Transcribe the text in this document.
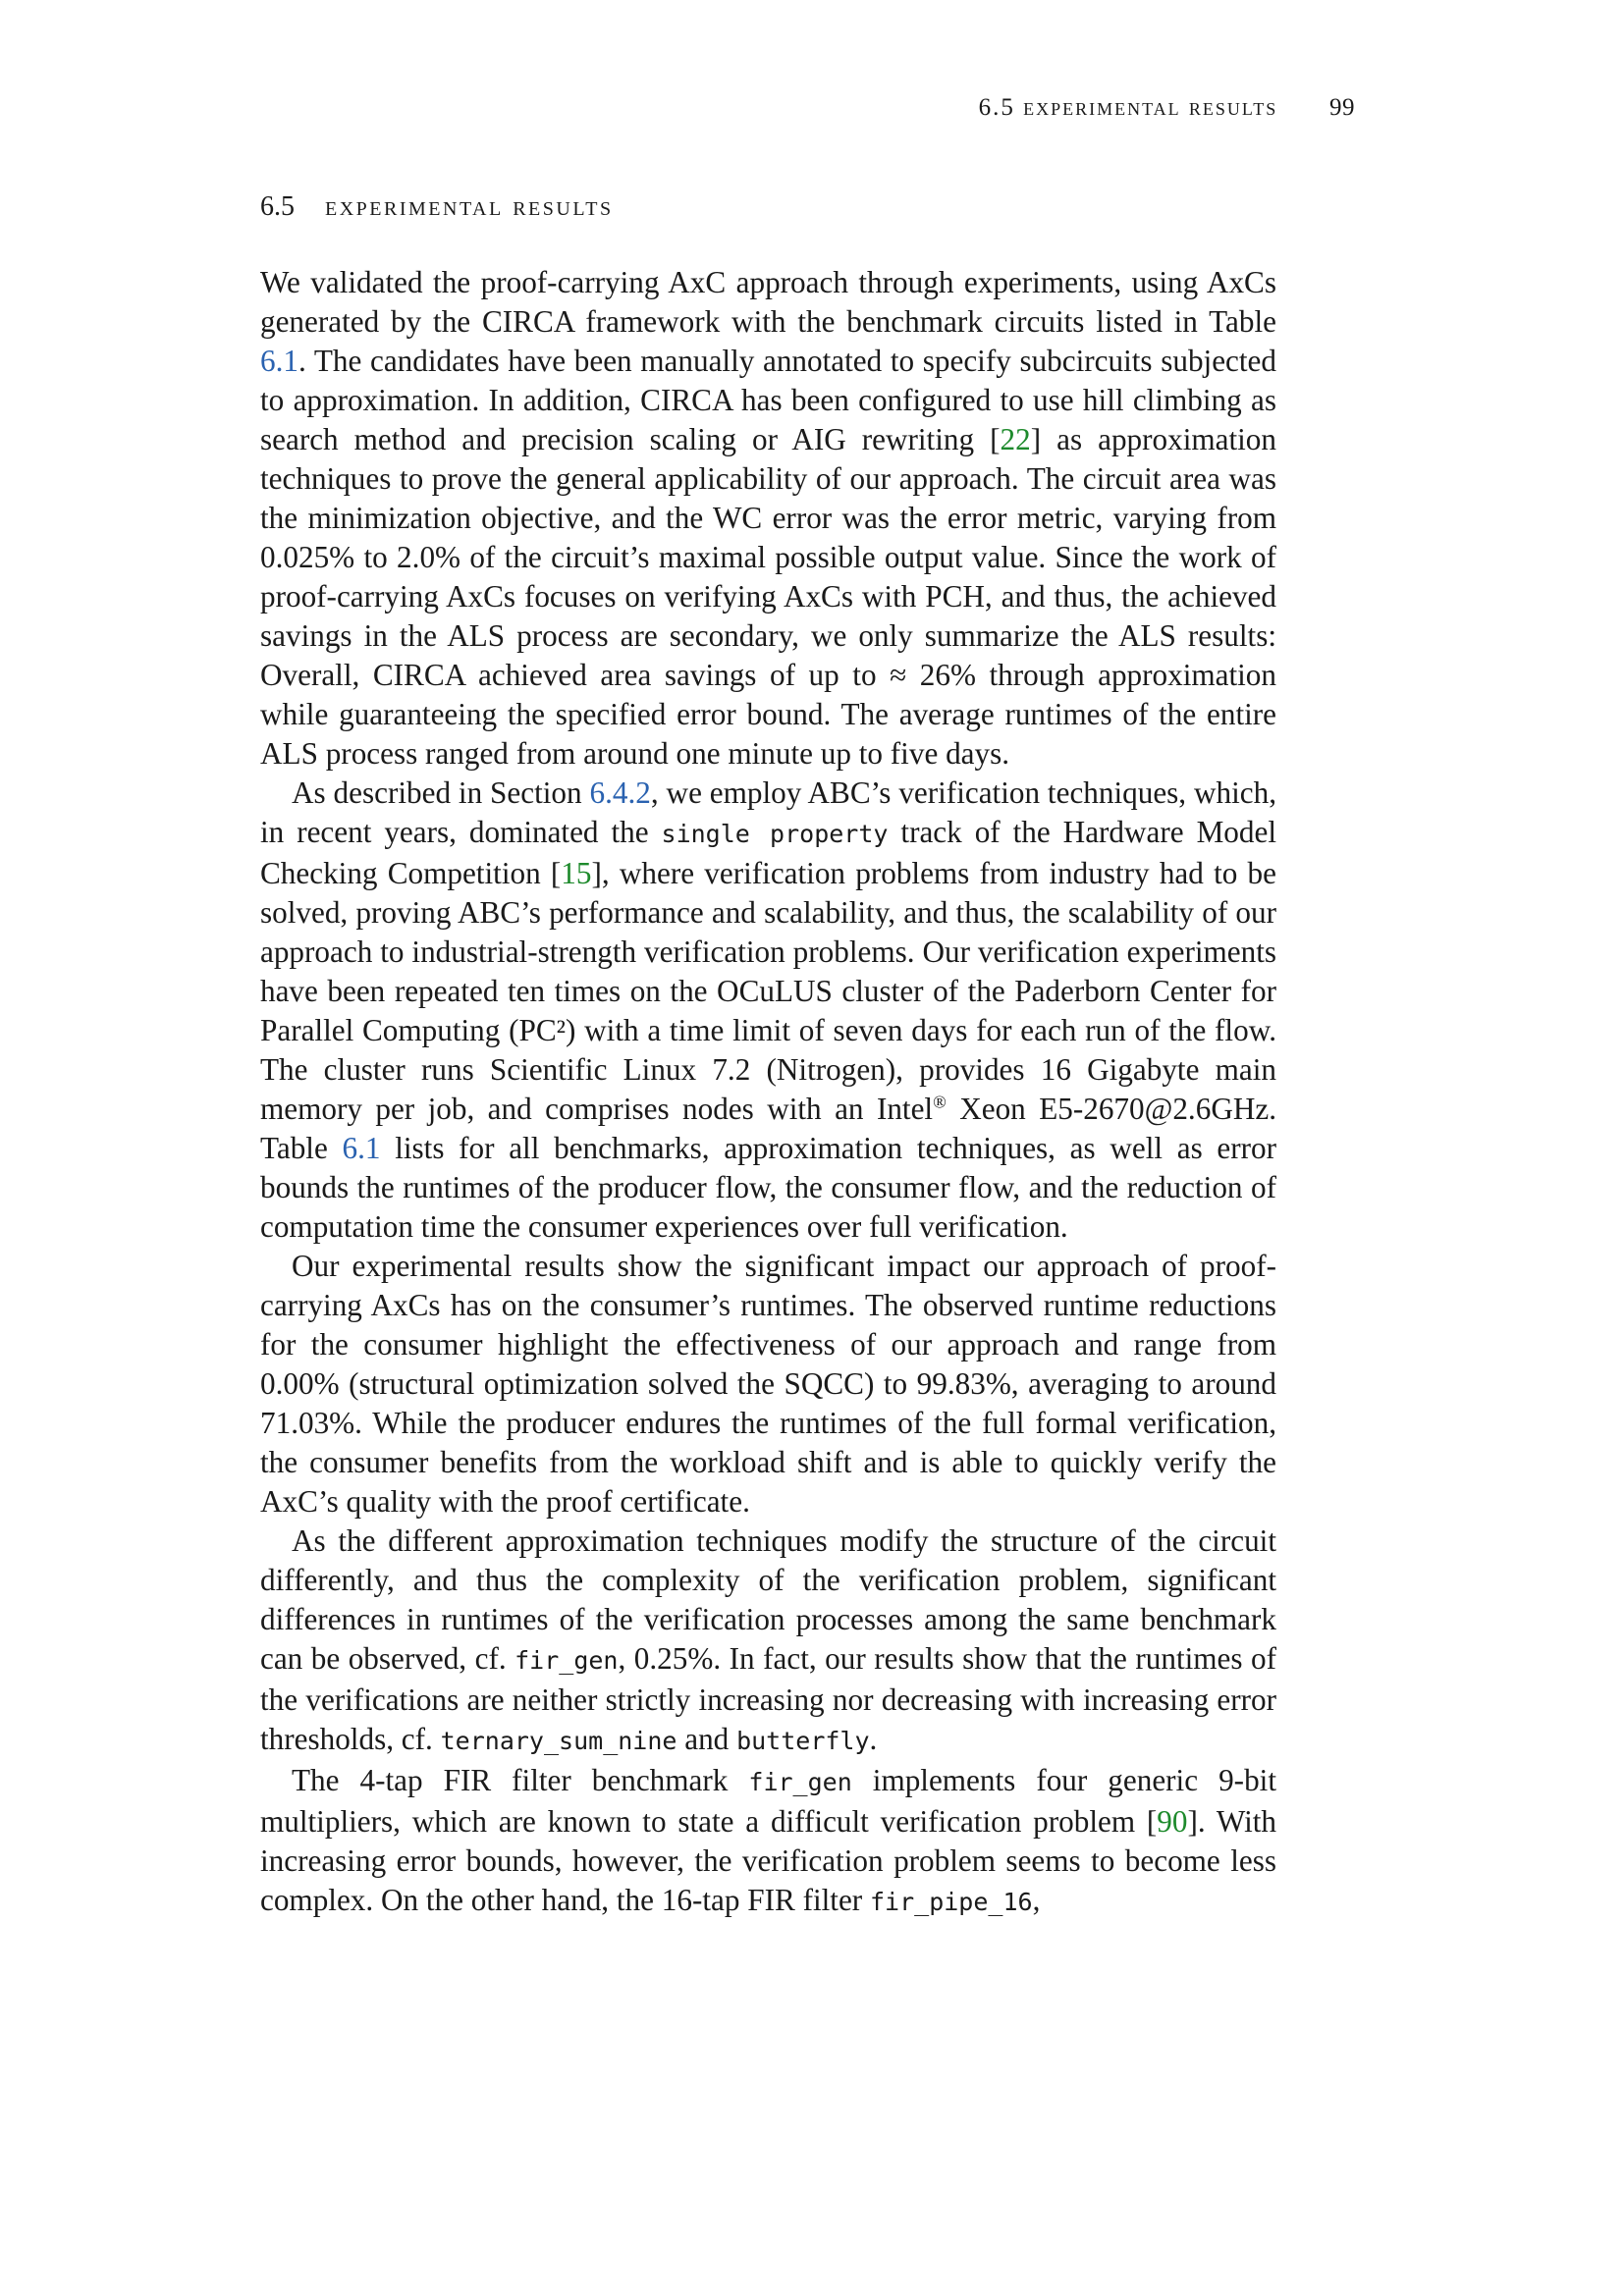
6.5 experimental results 99
6.5 experimental results

We validated the proof-carrying AxC approach through experiments, using AxCs generated by the CIRCA framework with the benchmark circuits listed in Table 6.1. The candidates have been manually annotated to specify subcircuits subjected to approximation. In addition, CIRCA has been configured to use hill climbing as search method and precision scaling or AIG rewriting [22] as approximation techniques to prove the general applicability of our approach. The circuit area was the minimization objective, and the WC error was the error metric, varying from 0.025% to 2.0% of the circuit’s maximal possible output value. Since the work of proof-carrying AxCs focuses on verifying AxCs with PCH, and thus, the achieved savings in the ALS process are secondary, we only summarize the ALS results: Overall, CIRCA achieved area savings of up to ≈ 26% through approximation while guaranteeing the specified error bound. The average runtimes of the entire ALS process ranged from around one minute up to five days.

As described in Section 6.4.2, we employ ABC’s verification techniques, which, in recent years, dominated the single property track of the Hardware Model Checking Competition [15], where verification problems from industry had to be solved, proving ABC’s performance and scalability, and thus, the scalability of our approach to industrial-strength verification problems. Our verification experiments have been repeated ten times on the OCuLUS cluster of the Paderborn Center for Parallel Computing (PC²) with a time limit of seven days for each run of the flow. The cluster runs Scientific Linux 7.2 (Nitrogen), provides 16 Gigabyte main memory per job, and comprises nodes with an Intel® Xeon E5-2670@2.6GHz. Table 6.1 lists for all benchmarks, approximation techniques, as well as error bounds the runtimes of the producer flow, the consumer flow, and the reduction of computation time the consumer experiences over full verification.

Our experimental results show the significant impact our approach of proof-carrying AxCs has on the consumer’s runtimes. The observed runtime reductions for the consumer highlight the effectiveness of our approach and range from 0.00% (structural optimization solved the SQCC) to 99.83%, averaging to around 71.03%. While the producer endures the runtimes of the full formal verification, the consumer benefits from the workload shift and is able to quickly verify the AxC’s quality with the proof certificate.

As the different approximation techniques modify the structure of the circuit differently, and thus the complexity of the verification problem, significant differences in runtimes of the verification processes among the same benchmark can be observed, cf. fir_gen, 0.25%. In fact, our results show that the runtimes of the verifications are neither strictly increasing nor decreasing with increasing error thresholds, cf. ternary_sum_nine and butterfly.

The 4-tap FIR filter benchmark fir_gen implements four generic 9-bit multipliers, which are known to state a difficult verification problem [90]. With increasing error bounds, however, the verification problem seems to become less complex. On the other hand, the 16-tap FIR filter fir_pipe_16,
